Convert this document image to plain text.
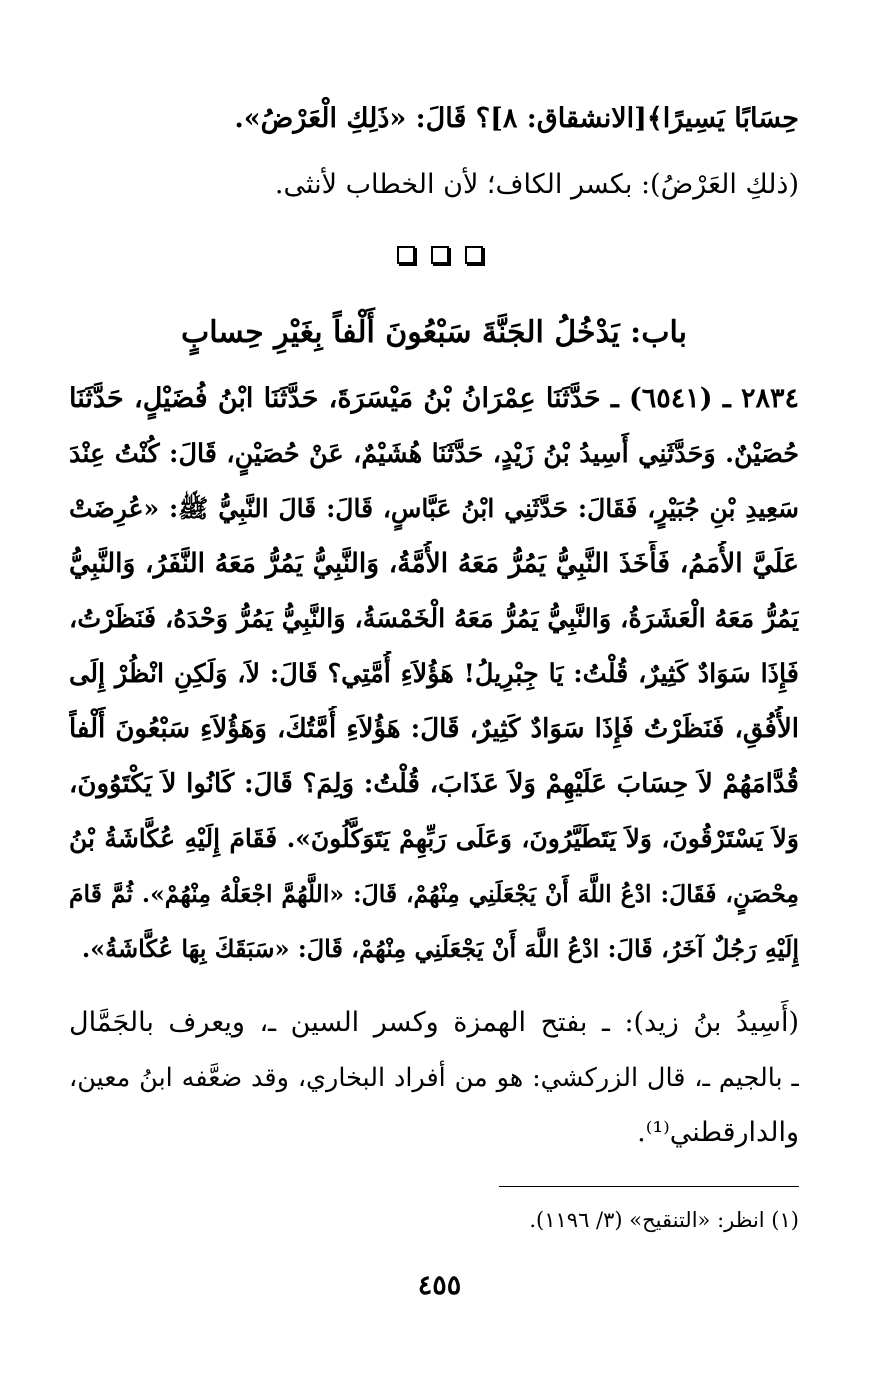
حِسَابًا يَسِيرًا﴾[الانشقاق: ٨]؟ قَالَ: «ذَلِكِ الْعَرْضُ».
(ذلكِ العَرْضُ): بكسر الكاف؛ لأن الخطاب لأنثى.

باب: يَدْخُلُ الجَنَّةَ سَبْعُونَ أَلْفاً بِغَيْرِ حِسابٍ
٢٨٣٤ ـ (٦٥٤١) ـ حَدَّثَنَا عِمْرَانُ بْنُ مَيْسَرَةَ، حَدَّثَنَا ابْنُ فُضَيْلٍ، حَدَّثَنَا
حُصَيْنٌ. وَحَدَّثَنِي أَسِيدُ بْنُ زَيْدٍ، حَدَّثَنَا هُشَيْمٌ، عَنْ حُصَيْنٍ، قَالَ: كُنْتُ عِنْدَ
سَعِيدِ بْنِ جُبَيْرٍ، فَقَالَ: حَدَّثَنِي ابْنُ عَبَّاسٍ، قَالَ: قَالَ النَّبِيُّ ﷺ: «عُرِضَتْ
عَلَيَّ الأُمَمُ، فَأَخَذَ النَّبِيُّ يَمُرُّ مَعَهُ الأُمَّةُ، وَالنَّبِيُّ يَمُرُّ مَعَهُ النَّفَرُ، وَالنَّبِيُّ
يَمُرُّ مَعَهُ الْعَشَرَةُ، وَالنَّبِيُّ يَمُرُّ مَعَهُ الْخَمْسَةُ، وَالنَّبِيُّ يَمُرُّ وَحْدَهُ، فَنَظَرْتُ،
فَإِذَا سَوَادٌ كَثِيرٌ، قُلْتُ: يَا جِبْرِيلُ! هَؤُلاَءِ أُمَّتِي؟ قَالَ: لاَ، وَلَكِنِ انْظُرْ إِلَى
الأُفُقِ، فَنَظَرْتُ فَإِذَا سَوَادٌ كَثِيرٌ، قَالَ: هَؤُلاَءِ أُمَّتُكَ، وَهَؤُلاَءِ سَبْعُونَ أَلْفاً
قُدَّامَهُمْ لاَ حِسَابَ عَلَيْهِمْ وَلاَ عَذَابَ، قُلْتُ: وَلِمَ؟ قَالَ: كَانُوا لاَ يَكْتَوُونَ،
وَلاَ يَسْتَرْقُونَ، وَلاَ يَتَطَيَّرُونَ، وَعَلَى رَبِّهِمْ يَتَوَكَّلُونَ». فَقَامَ إِلَيْهِ عُكَّاشَةُ بْنُ
مِحْصَنٍ، فَقَالَ: ادْعُ اللَّهَ أَنْ يَجْعَلَنِي مِنْهُمْ، قَالَ: «اللَّهُمَّ اجْعَلْهُ مِنْهُمْ». ثُمَّ قَامَ
إِلَيْهِ رَجُلٌ آخَرُ، قَالَ: ادْعُ اللَّهَ أَنْ يَجْعَلَنِي مِنْهُمْ، قَالَ: «سَبَقَكَ بِهَا عُكَّاشَةُ».
(أَسِيدُ بنُ زيد): ـ بفتح الهمزة وكسر السين ـ، ويعرف بالجَمَّال
ـ بالجيم ـ، قال الزركشي: هو من أفراد البخاري، وقد ضعَّفه ابنُ معين،
والدارقطني⁽¹⁾.
(١) انظر: «التنقيح» (٣/ ١١٩٦).
٤٥٥
